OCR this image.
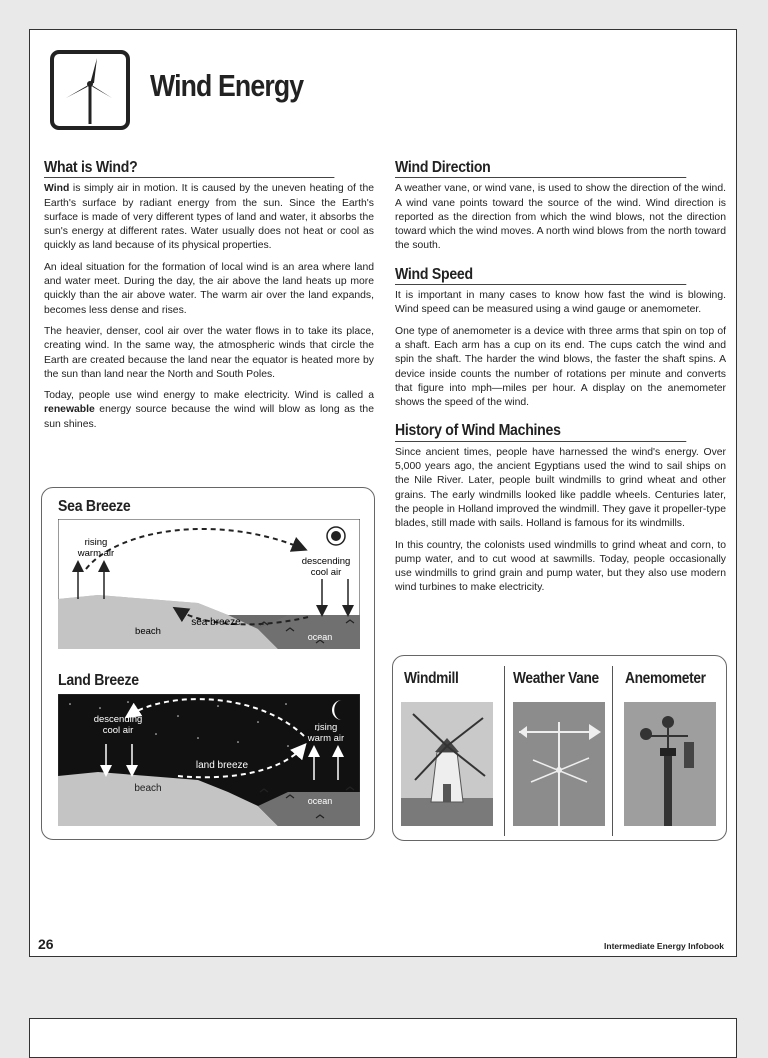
Wind Energy
What is Wind?

Wind is simply air in motion. It is caused by the uneven heating of the Earth's surface by radiant energy from the sun. Since the Earth's surface is made of very different types of land and water, it absorbs the sun's energy at different rates. Water usually does not heat or cool as quickly as land because of its physical properties.

An ideal situation for the formation of local wind is an area where land and water meet. During the day, the air above the land heats up more quickly than the air above water. The warm air over the land expands, becomes less dense and rises.

The heavier, denser, cool air over the water flows in to take its place, creating wind. In the same way, the atmospheric winds that circle the Earth are created because the land near the equator is heated more by the sun than land near the North and South Poles.

Today, people use wind energy to make electricity. Wind is called a renewable energy source because the wind will blow as long as the sun shines.

Wind Direction

A weather vane, or wind vane, is used to show the direction of the wind. A wind vane points toward the source of the wind. Wind direction is reported as the direction from which the wind blows, not the direction toward which the wind moves. A north wind blows from the north toward the south.

Wind Speed

It is important in many cases to know how fast the wind is blowing. Wind speed can be measured using a wind gauge or anemometer.

One type of anemometer is a device with three arms that spin on top of a shaft. Each arm has a cup on its end. The cups catch the wind and spin the shaft. The harder the wind blows, the faster the shaft spins. A device inside counts the number of rotations per minute and converts that figure into mph—miles per hour. A display on the anemometer shows the speed of the wind.

History of Wind Machines

Since ancient times, people have harnessed the wind's energy. Over 5,000 years ago, the ancient Egyptians used the wind to sail ships on the Nile River. Later, people built windmills to grind wheat and other grains. The early windmills looked like paddle wheels. Centuries later, the people in Holland improved the windmill. They gave it propeller-type blades, still made with sails. Holland is famous for its windmills.

In this country, the colonists used windmills to grind wheat and corn, to pump water, and to cut wood at sawmills. Today, people occasionally use windmills to grind grain and pump water, but they also use modern wind turbines to make electricity.

Sea Breeze
rising
warm air
descending
cool air
sea breeze
beach	ocean
Land Breeze
descending
cool air	rising
warm air
land breeze
beach
ocean
Windmill	Weather Vane Anemometer
26	Intermediate Energy Infobook
